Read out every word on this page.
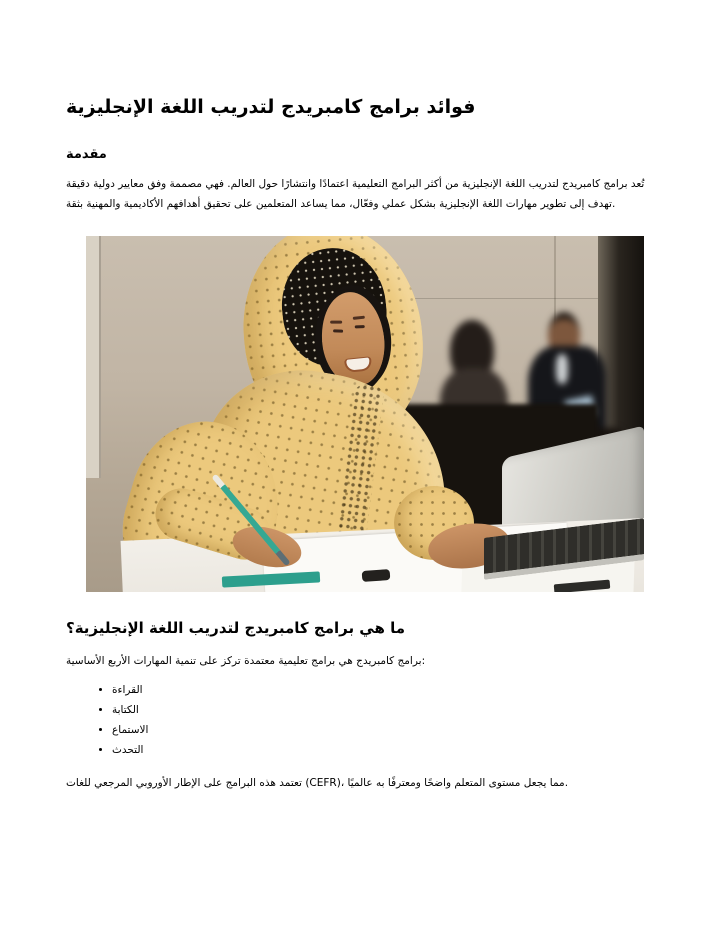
فوائد برامج كامبريدج لتدريب اللغة الإنجليزية
مقدمة

تُعد برامج كامبريدج لتدريب اللغة الإنجليزية من أكثر البرامج التعليمية اعتمادًا وانتشارًا حول العالم. فهي مصممة وفق معايير دولية دقيقة تهدف إلى تطوير مهارات اللغة الإنجليزية بشكل عملي وفعّال، مما يساعد المتعلمين على تحقيق أهدافهم الأكاديمية والمهنية بثقة.

ما هي برامج كامبريدج لتدريب اللغة الإنجليزية؟

برامج كامبريدج هي برامج تعليمية معتمدة تركز على تنمية المهارات الأربع الأساسية:

• القراءة
• الكتابة
• الاستماع
• التحدث

تعتمد هذه البرامج على الإطار الأوروبي المرجعي للغات (CEFR)، مما يجعل مستوى المتعلم واضحًا ومعترفًا به عالميًا.
